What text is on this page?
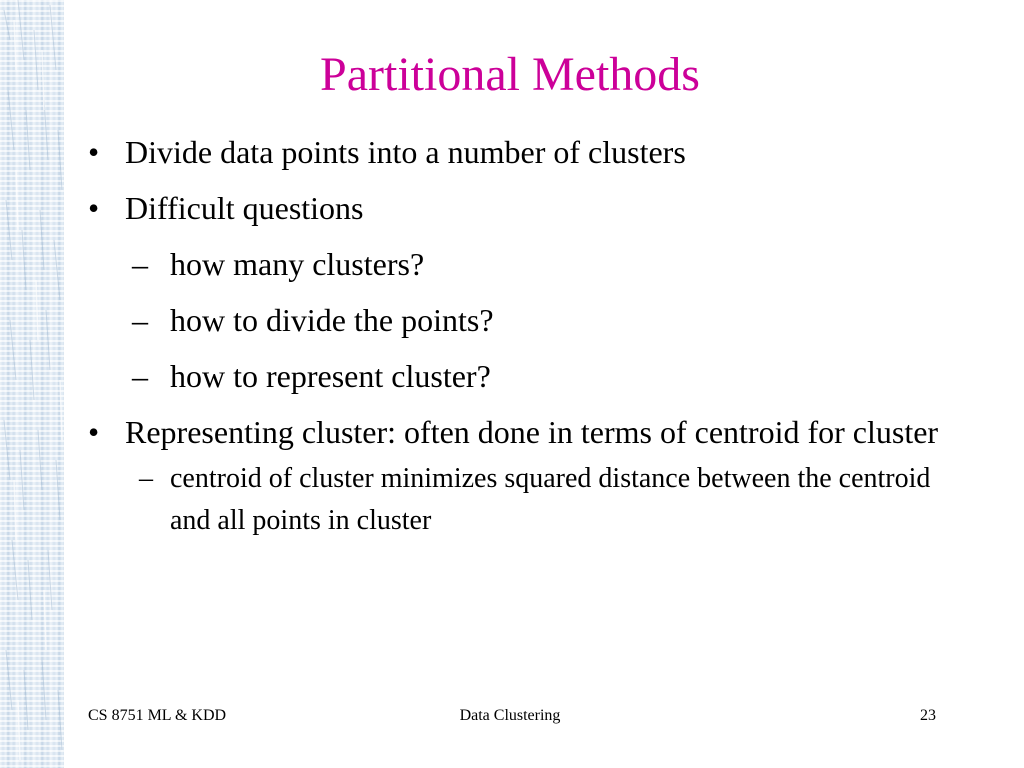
Partitional Methods
• Divide data points into a number of clusters
• Difficult questions
– how many clusters?
– how to divide the points?
– how to represent cluster?
• Representing cluster: often done in terms of centroid for cluster
– centroid of cluster minimizes squared distance between the centroid and all points in cluster
CS 8751 ML & KDD	Data Clustering	23
